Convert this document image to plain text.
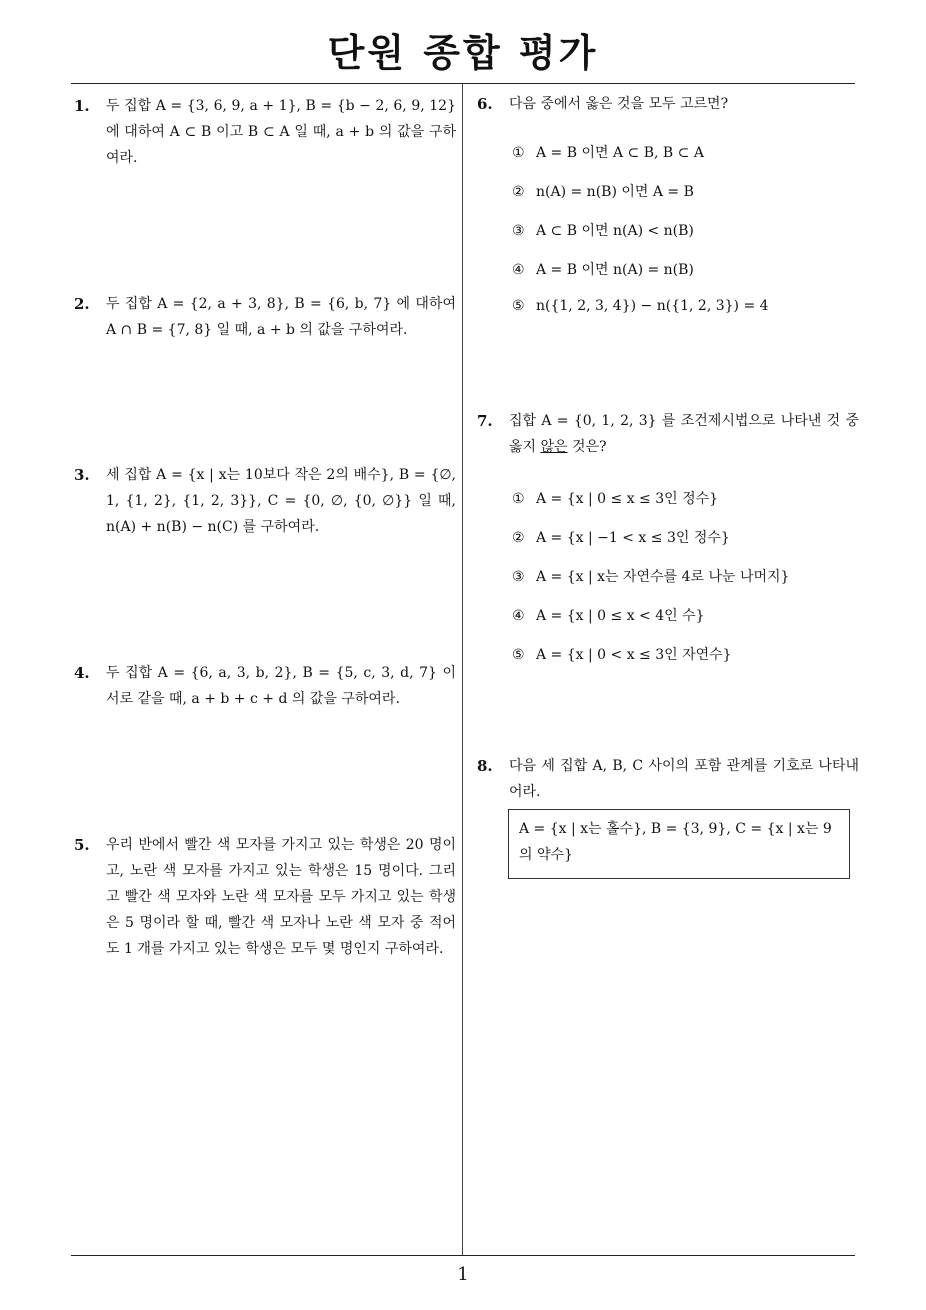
단원 종합 평가
1. 두 집합 A = {3, 6, 9, a + 1}, B = {b − 2, 6, 9, 12} 에 대하여 A ⊂ B 이고 B ⊂ A 일 때, a + b 의 값을 구하여라.
2. 두 집합 A = {2, a + 3, 8}, B = {6, b, 7} 에 대하여 A ∩ B = {7, 8} 일 때, a + b 의 값을 구하여라.
3. 세 집합 A = {x | x는 10보다 작은 2의 배수}, B = {∅, 1, {1, 2}, {1, 2, 3}}, C = {0, ∅, {0, ∅}} 일 때, n(A) + n(B) − n(C) 를 구하여라.
4. 두 집합 A = {6, a, 3, b, 2}, B = {5, c, 3, d, 7} 이 서로 같을 때, a + b + c + d 의 값을 구하여라.
5. 우리 반에서 빨간 색 모자를 가지고 있는 학생은 20 명이고, 노란 색 모자를 가지고 있는 학생은 15 명이다. 그리고 빨간 색 모자와 노란 색 모자를 모두 가지고 있는 학생은 5 명이라 할 때, 빨간 색 모자나 노란 색 모자 중 적어도 1 개를 가지고 있는 학생은 모두 몇 명인지 구하여라.
6. 다음 중에서 옳은 것을 모두 고르면?
① A = B 이면 A ⊂ B, B ⊂ A
② n(A) = n(B) 이면 A = B
③ A ⊂ B 이면 n(A) < n(B)
④ A = B 이면 n(A) = n(B)
⑤ n({1, 2, 3, 4}) − n({1, 2, 3}) = 4
7. 집합 A = {0, 1, 2, 3} 를 조건제시법으로 나타낸 것 중 옳지 않은 것은?
① A = {x | 0 ≤ x ≤ 3인 정수}
② A = {x | −1 < x ≤ 3인 정수}
③ A = {x | x는 자연수를 4로 나눈 나머지}
④ A = {x | 0 ≤ x < 4인 수}
⑤ A = {x | 0 < x ≤ 3인 자연수}
8. 다음 세 집합 A, B, C 사이의 포함 관계를 기호로 나타내어라.
A = {x | x는 홀수}, B = {3, 9}, C = {x | x는 9의 약수}
1
